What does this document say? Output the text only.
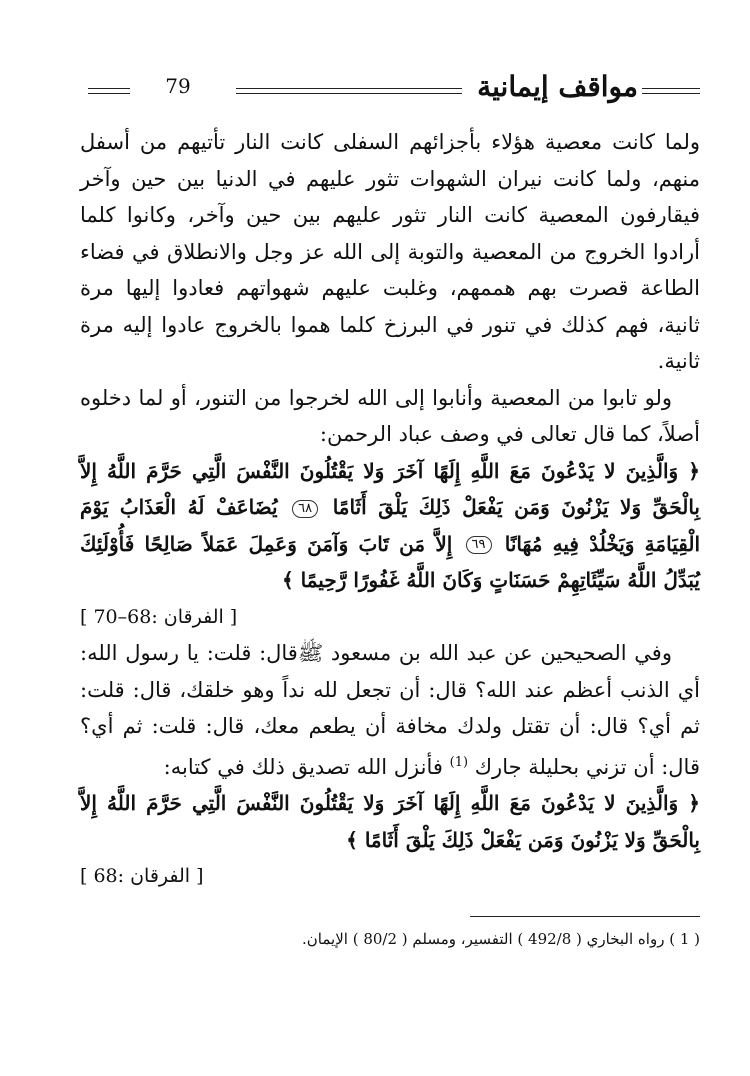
79	مواقف إيمانية

ولما كانت معصية هؤلاء بأجزائهم السفلى كانت النار تأتيهم من أسفل منهم، ولما كانت نيران الشهوات تثور عليهم في الدنيا بين حين وآخر فيقارفون المعصية كانت النار تثور عليهم بين حين وآخر، وكانوا كلما أرادوا الخروج من المعصية والتوبة إلى الله عز وجل والانطلاق في فضاء الطاعة قصرت بهم هممهم، وغلبت عليهم شهواتهم فعادوا إليها مرة ثانية، فهم كذلك في تنور في البرزخ كلما هموا بالخروج عادوا إليه مرة ثانية.

ولو تابوا من المعصية وأنابوا إلى الله لخرجوا من التنور، أو لما دخلوه أصلاً، كما قال تعالى في وصف عباد الرحمن:

﴿ وَالَّذِينَ لا يَدْعُونَ مَعَ اللَّهِ إِلَهًا آخَرَ وَلا يَقْتُلُونَ النَّفْسَ الَّتِي حَرَّمَ اللَّهُ إِلاَّ بِالْحَقِّ وَلا يَزْنُونَ وَمَن يَفْعَلْ ذَلِكَ يَلْقَ أَثَامًا ٦٨ يُضَاعَفْ لَهُ الْعَذَابُ يَوْمَ الْقِيَامَةِ وَيَخْلُدْ فِيهِ مُهَانًا ٦٩ إِلاَّ مَن تَابَ وَآمَنَ وَعَمِلَ عَمَلاً صَالِحًا فَأُوْلَئِكَ يُبَدِّلُ اللَّهُ سَيِّئَاتِهِمْ حَسَنَاتٍ وَكَانَ اللَّهُ غَفُورًا رَّحِيمًا ﴾
[ الفرقان :68–70 ]

وفي الصحيحين عن عبد الله بن مسعود ﷺقال: قلت: يا رسول الله: أي الذنب أعظم عند الله؟ قال: أن تجعل لله نداً وهو خلقك، قال: قلت: ثم أي؟ قال: أن تقتل ولدك مخافة أن يطعم معك، قال: قلت: ثم أي؟ قال: أن تزني بحليلة جارك $^{(1)}$ فأنزل الله تصديق ذلك في كتابه:

﴿ وَالَّذِينَ لا يَدْعُونَ مَعَ اللَّهِ إِلَهًا آخَرَ وَلا يَقْتُلُونَ النَّفْسَ الَّتِي حَرَّمَ اللَّهُ إِلاَّ بِالْحَقِّ وَلا يَزْنُونَ وَمَن يَفْعَلْ ذَلِكَ يَلْقَ أَثَامًا ﴾
[ الفرقان :68 ]

( 1 ) رواه البخاري ( 492/8 ) التفسير، ومسلم ( 80/2 ) الإيمان.
